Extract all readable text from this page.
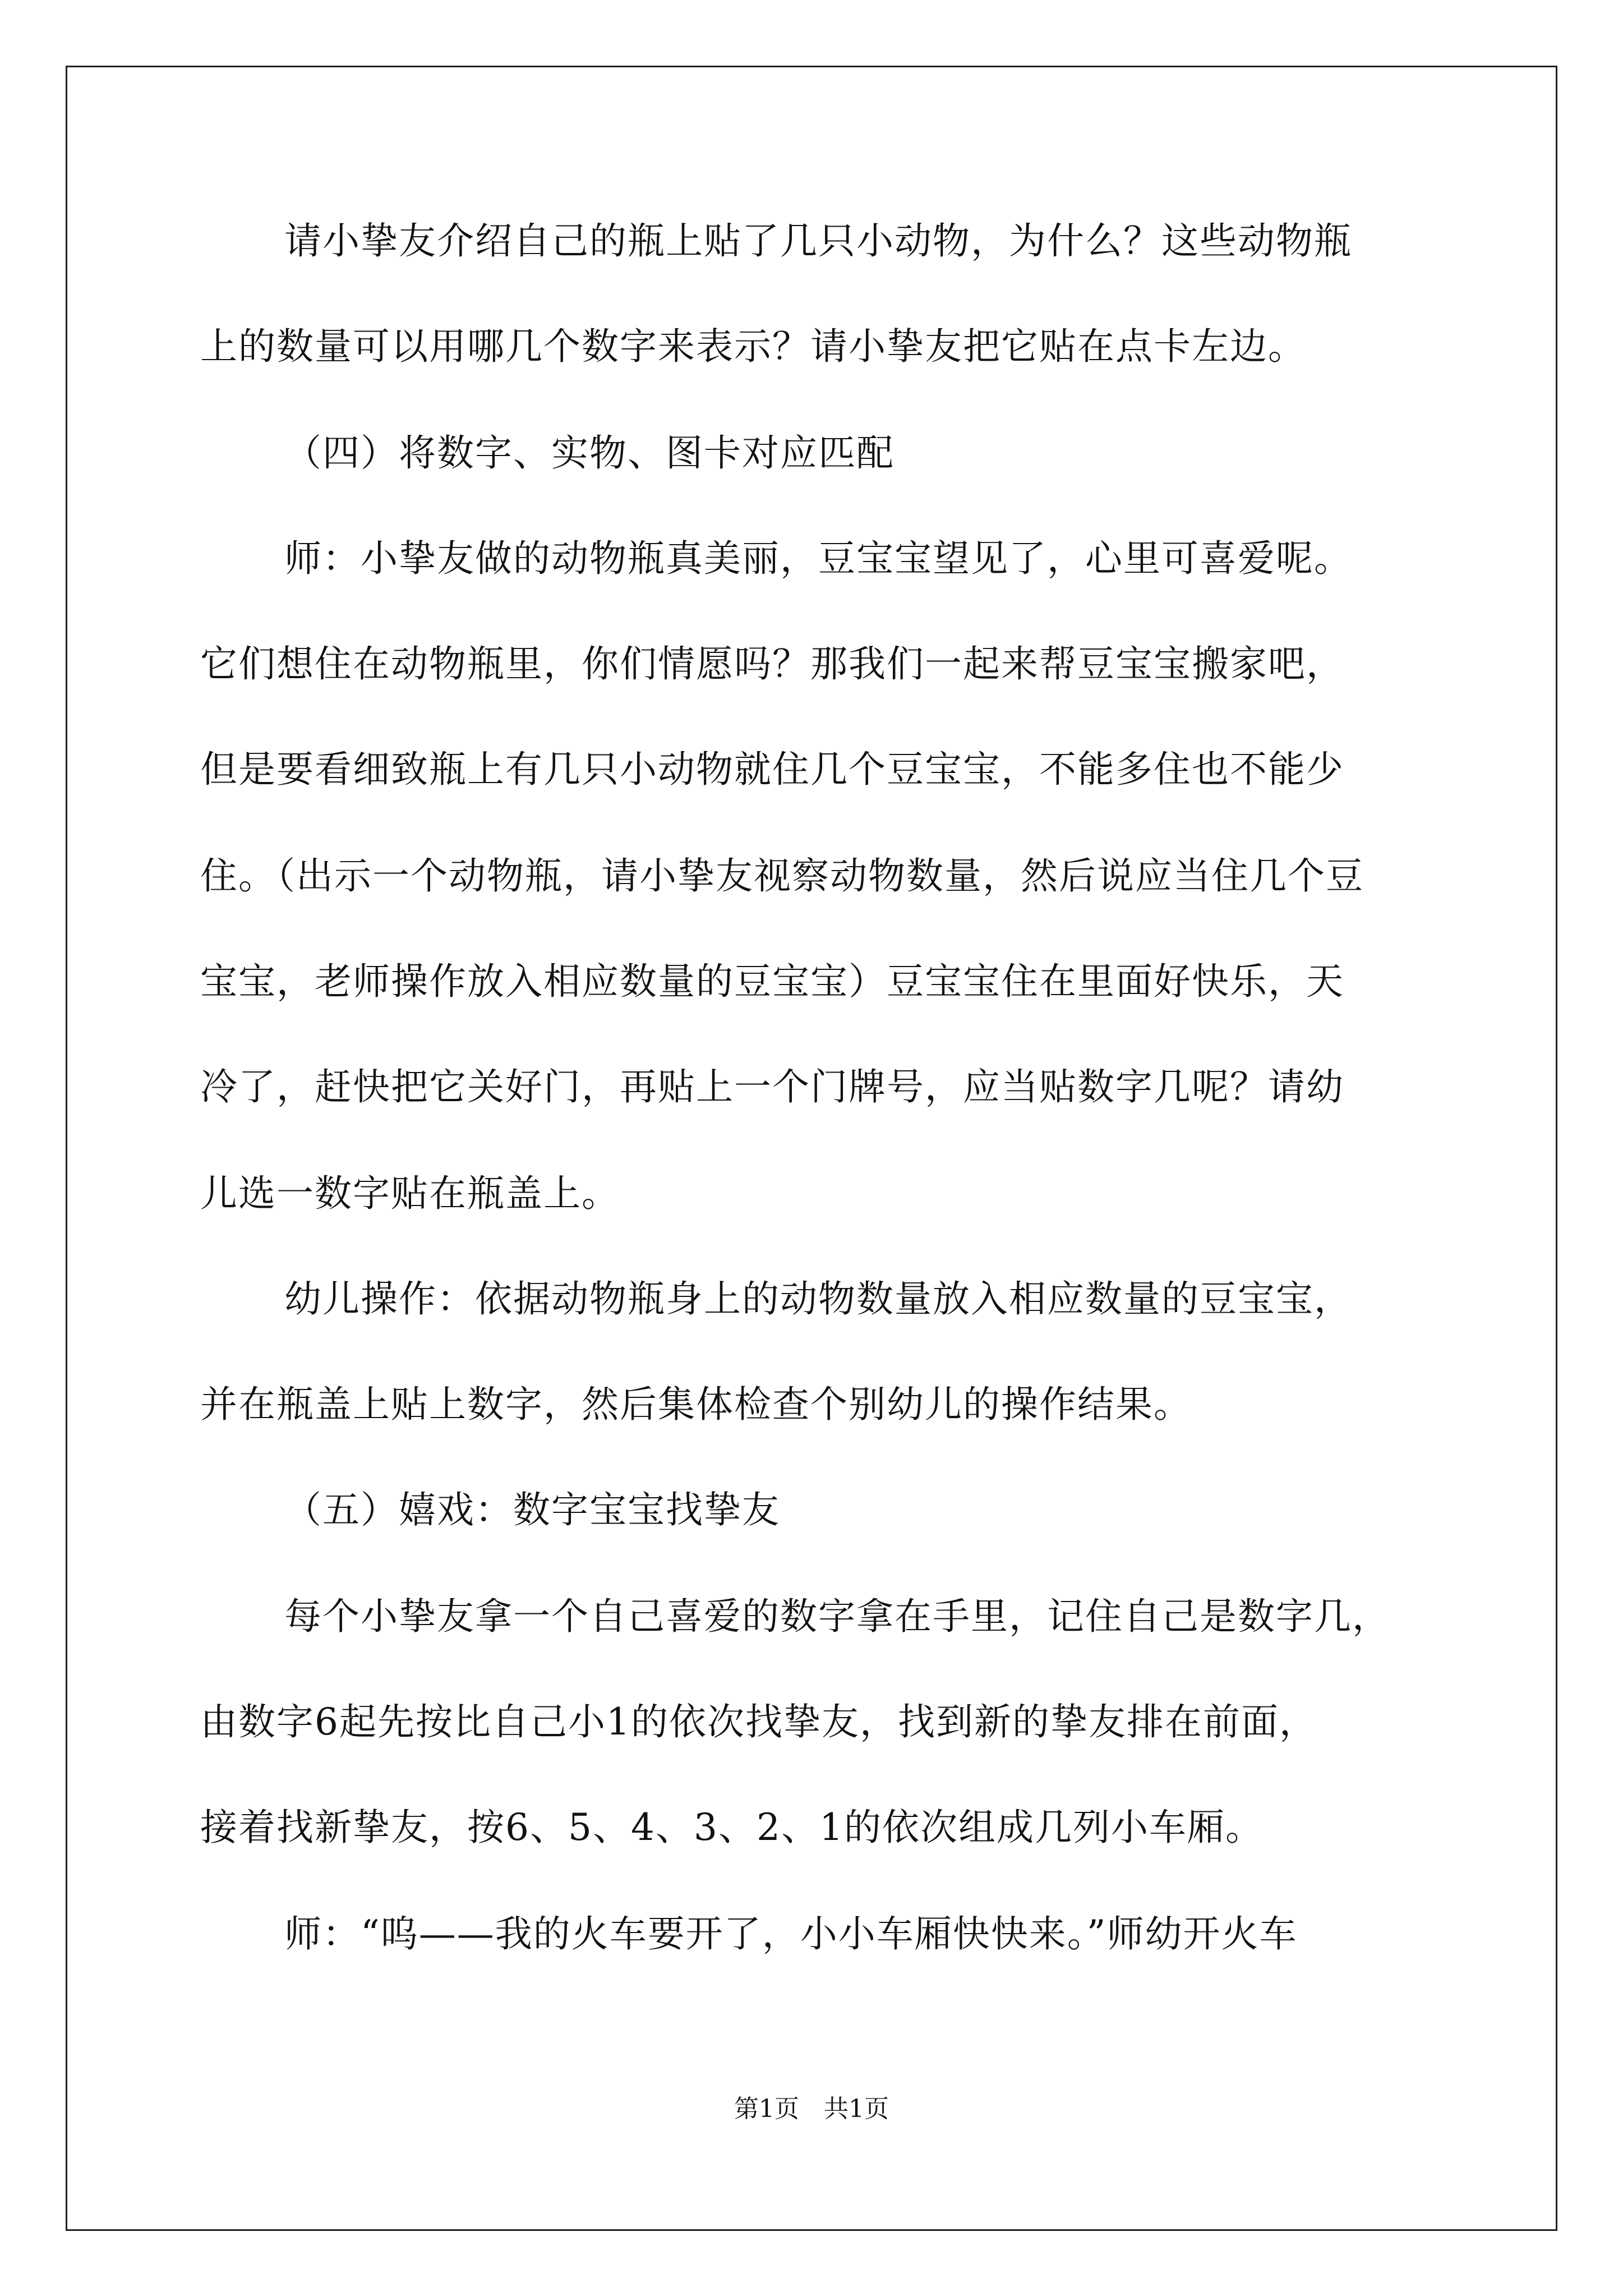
请小挚友介绍自己的瓶上贴了几只小动物，为什么？这些动物瓶
上的数量可以用哪几个数字来表示？请小挚友把它贴在点卡左边。
（四）将数字、实物、图卡对应匹配
师：小挚友做的动物瓶真美丽，豆宝宝望见了，心里可喜爱呢。
它们想住在动物瓶里，你们情愿吗？那我们一起来帮豆宝宝搬家吧，
但是要看细致瓶上有几只小动物就住几个豆宝宝，不能多住也不能少
住。（出示一个动物瓶，请小挚友视察动物数量，然后说应当住几个豆
宝宝，老师操作放入相应数量的豆宝宝）豆宝宝住在里面好快乐，天
冷了，赶快把它关好门，再贴上一个门牌号，应当贴数字几呢？请幼
儿选一数字贴在瓶盖上。
幼儿操作：依据动物瓶身上的动物数量放入相应数量的豆宝宝，
并在瓶盖上贴上数字，然后集体检查个别幼儿的操作结果。
（五）嬉戏：数字宝宝找挚友
每个小挚友拿一个自己喜爱的数字拿在手里，记住自己是数字几，
由数字6起先按比自己小1的依次找挚友，找到新的挚友排在前面，
接着找新挚友，按6、5、4、3、2、1的依次组成几列小车厢。
师：“呜——我的火车要开了，小小车厢快快来。”师幼开火车
第1页　共1页
